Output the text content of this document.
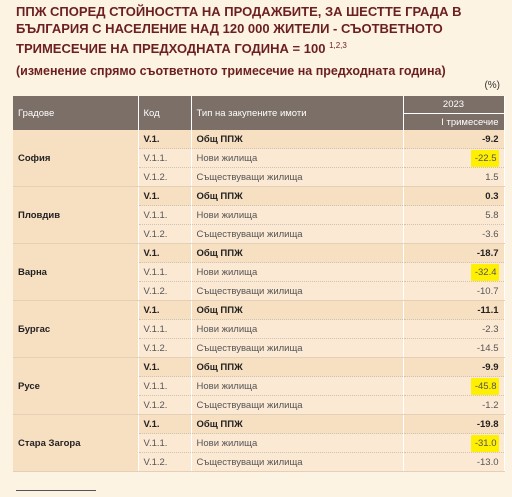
ППЖ СПОРЕД СТОЙНОСТТА НА ПРОДАЖБИТЕ, ЗА ШЕСТТЕ ГРАДА В
БЪЛГАРИЯ С НАСЕЛЕНИЕ НАД 120 000 ЖИТЕЛИ - СЪОТВЕТНОТО
ТРИМЕСЕЧИЕ НА ПРЕДХОДНАТА ГОДИНА = 100 $^{1,2,3}$
(изменение спрямо съответното тримесечие на предходната година)
(%)
Градове	Код	Тип на закупените имоти	2023
			I тримесечие
София	V.1.	Общ ППЖ	-9.2
	V.1.1.	Нови жилища	-22.5
	V.1.2.	Съществуващи жилища	1.5
Пловдив	V.1.	Общ ППЖ	0.3
	V.1.1.	Нови жилища	5.8
	V.1.2.	Съществуващи жилища	-3.6
Варна	V.1.	Общ ППЖ	-18.7
	V.1.1.	Нови жилища	-32.4
	V.1.2.	Съществуващи жилища	-10.7
Бургас	V.1.	Общ ППЖ	-11.1
	V.1.1.	Нови жилища	-2.3
	V.1.2.	Съществуващи жилища	-14.5
Русе	V.1.	Общ ППЖ	-9.9
	V.1.1.	Нови жилища	-45.8
	V.1.2.	Съществуващи жилища	-1.2
Стара Загора	V.1.	Общ ППЖ	-19.8
	V.1.1.	Нови жилища	-31.0
	V.1.2.	Съществуващи жилища	-13.0
